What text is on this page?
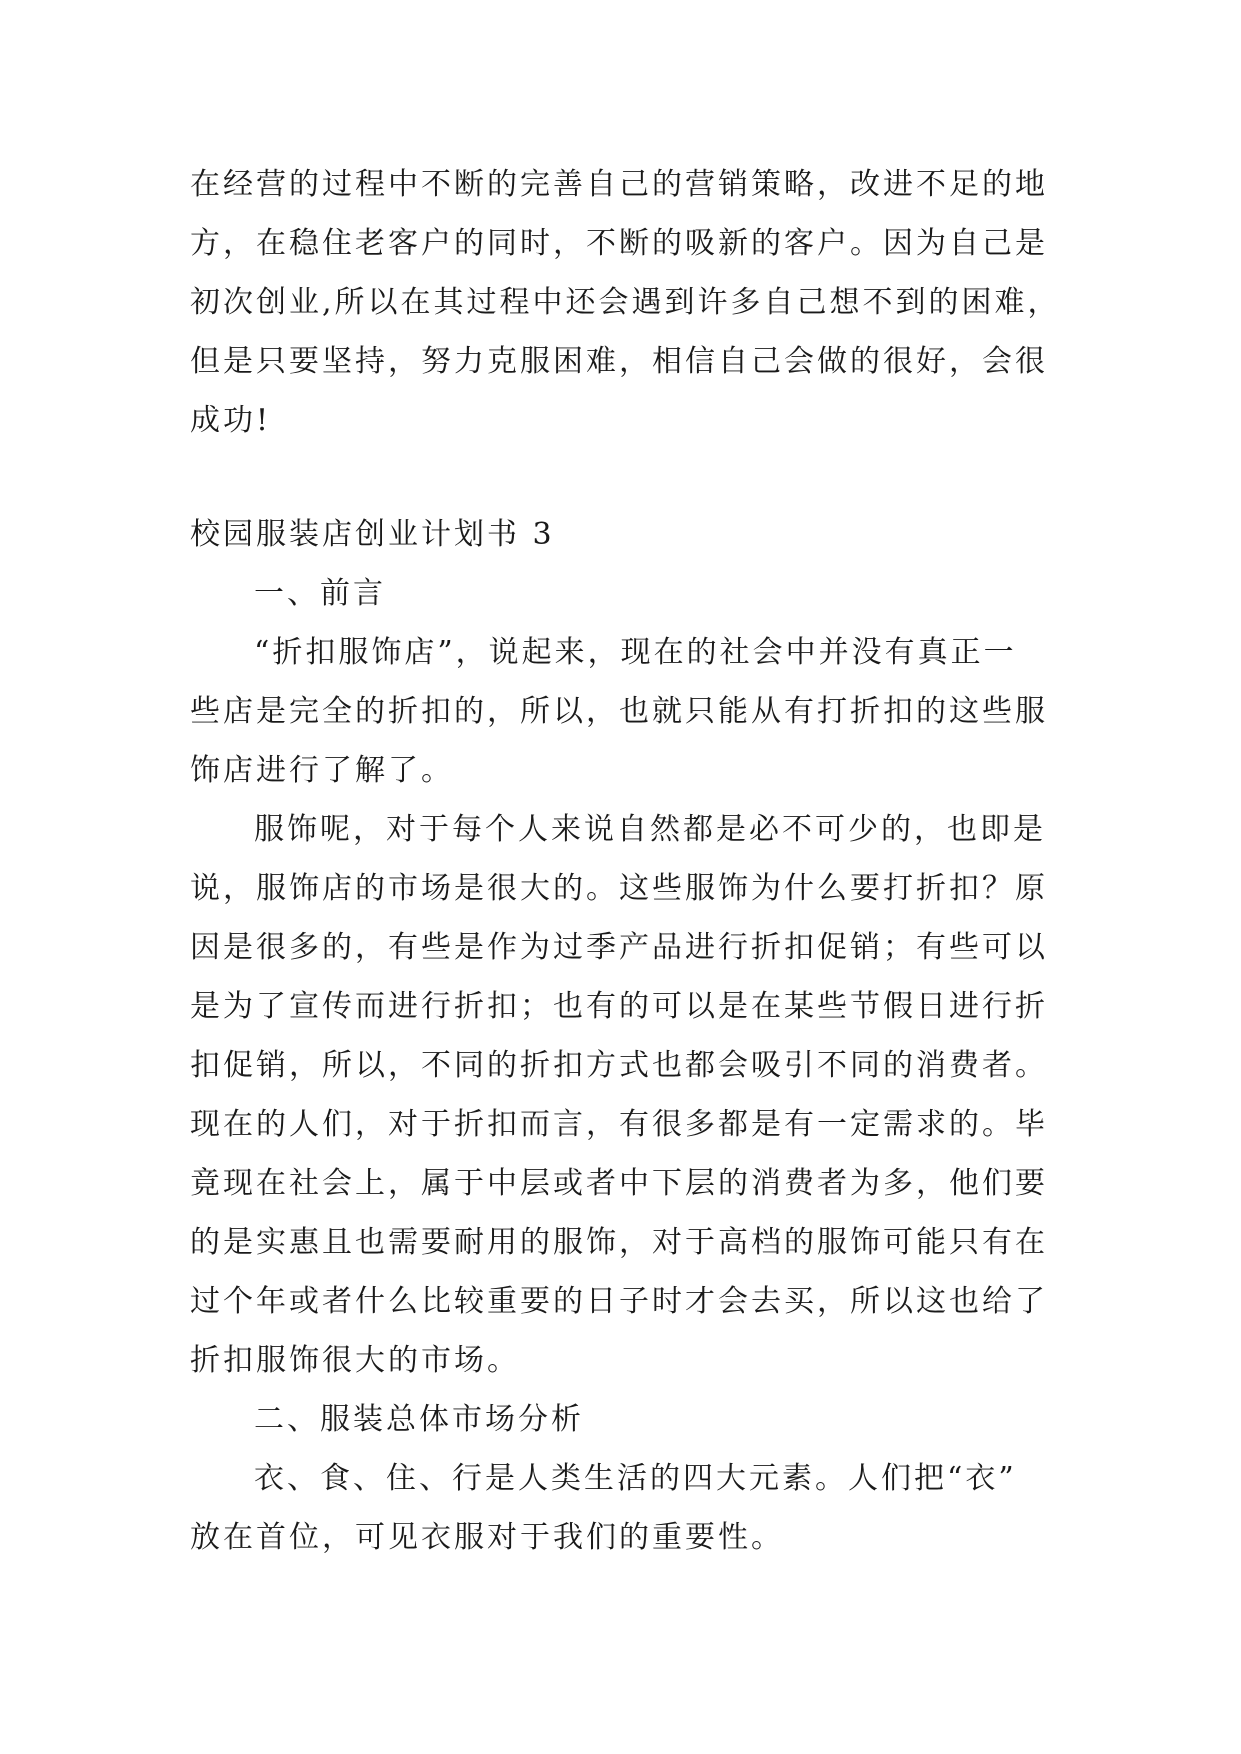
在经营的过程中不断的完善自己的营销策略，改进不足的地
方，在稳住老客户的同时，不断的吸新的客户。因为自己是
初次创业,所以在其过程中还会遇到许多自己想不到的困难，
但是只要坚持，努力克服困难，相信自己会做的很好，会很
成功!
校园服装店创业计划书 3
一、前言
“折扣服饰店”，说起来，现在的社会中并没有真正一
些店是完全的折扣的，所以，也就只能从有打折扣的这些服
饰店进行了解了。
服饰呢，对于每个人来说自然都是必不可少的，也即是
说，服饰店的市场是很大的。这些服饰为什么要打折扣？原
因是很多的，有些是作为过季产品进行折扣促销；有些可以
是为了宣传而进行折扣；也有的可以是在某些节假日进行折
扣促销，所以，不同的折扣方式也都会吸引不同的消费者。
现在的人们，对于折扣而言，有很多都是有一定需求的。毕
竟现在社会上，属于中层或者中下层的消费者为多，他们要
的是实惠且也需要耐用的服饰，对于高档的服饰可能只有在
过个年或者什么比较重要的日子时才会去买，所以这也给了
折扣服饰很大的市场。
二、服装总体市场分析
衣、食、住、行是人类生活的四大元素。人们把“衣”
放在首位，可见衣服对于我们的重要性。
